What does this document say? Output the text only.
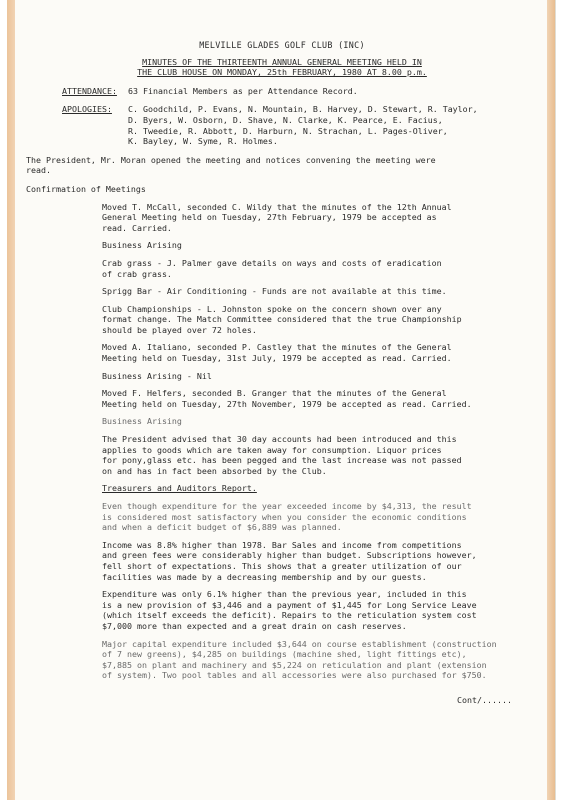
MELVILLE GLADES GOLF CLUB (INC)
MINUTES OF THE THIRTEENTH ANNUAL GENERAL MEETING HELD IN
THE CLUB HOUSE ON MONDAY, 25th FEBRUARY, 1980 AT 8.00 p.m.
ATTENDANCE:	63 Financial Members as per Attendance Record.
APOLOGIES:	C. Goodchild, P. Evans, N. Mountain, B. Harvey, D. Stewart, R. Taylor,
D. Byers, W. Osborn, D. Shave, N. Clarke, K. Pearce, E. Facius,
R. Tweedie, R. Abbott, D. Harburn, N. Strachan, L. Pages-Oliver,
K. Bayley, W. Syme, R. Holmes.

The President, Mr. Moran opened the meeting and notices convening the meeting were
read.

Confirmation of Meetings

Moved T. McCall, seconded C. Wildy that the minutes of the 12th Annual
General Meeting held on Tuesday, 27th February, 1979 be accepted as
read. Carried.

Business Arising

Crab grass - J. Palmer gave details on ways and costs of eradication
of crab grass.

Sprigg Bar - Air Conditioning - Funds are not available at this time.

Club Championships - L. Johnston spoke on the concern shown over any
format change. The Match Committee considered that the true Championship
should be played over 72 holes.

Moved A. Italiano, seconded P. Castley that the minutes of the General
Meeting held on Tuesday, 31st July, 1979 be accepted as read. Carried.

Business Arising - Nil

Moved F. Helfers, seconded B. Granger that the minutes of the General
Meeting held on Tuesday, 27th November, 1979 be accepted as read. Carried.

Business Arising

The President advised that 30 day accounts had been introduced and this
applies to goods which are taken away for consumption. Liquor prices
for pony,glass etc. has been pegged and the last increase was not passed
on and has in fact been absorbed by the Club.

Treasurers and Auditors Report.

Even though expenditure for the year exceeded income by $4,313, the result
is considered most satisfactory when you consider the economic conditions
and when a deficit budget of $6,889 was planned.

Income was 8.8% higher than 1978. Bar Sales and income from competitions
and green fees were considerably higher than budget. Subscriptions however,
fell short of expectations. This shows that a greater utilization of our
facilities was made by a decreasing membership and by our guests.

Expenditure was only 6.1% higher than the previous year, included in this
is a new provision of $3,446 and a payment of $1,445 for Long Service Leave
(which itself exceeds the deficit). Repairs to the reticulation system cost
$7,000 more than expected and a great drain on cash reserves.

Major capital expenditure included $3,644 on course establishment (construction
of 7 new greens), $4,285 on buildings (machine shed, light fittings etc),
$7,885 on plant and machinery and $5,224 on reticulation and plant (extension
of system). Two pool tables and all accessories were also purchased for $750.

Cont/......
